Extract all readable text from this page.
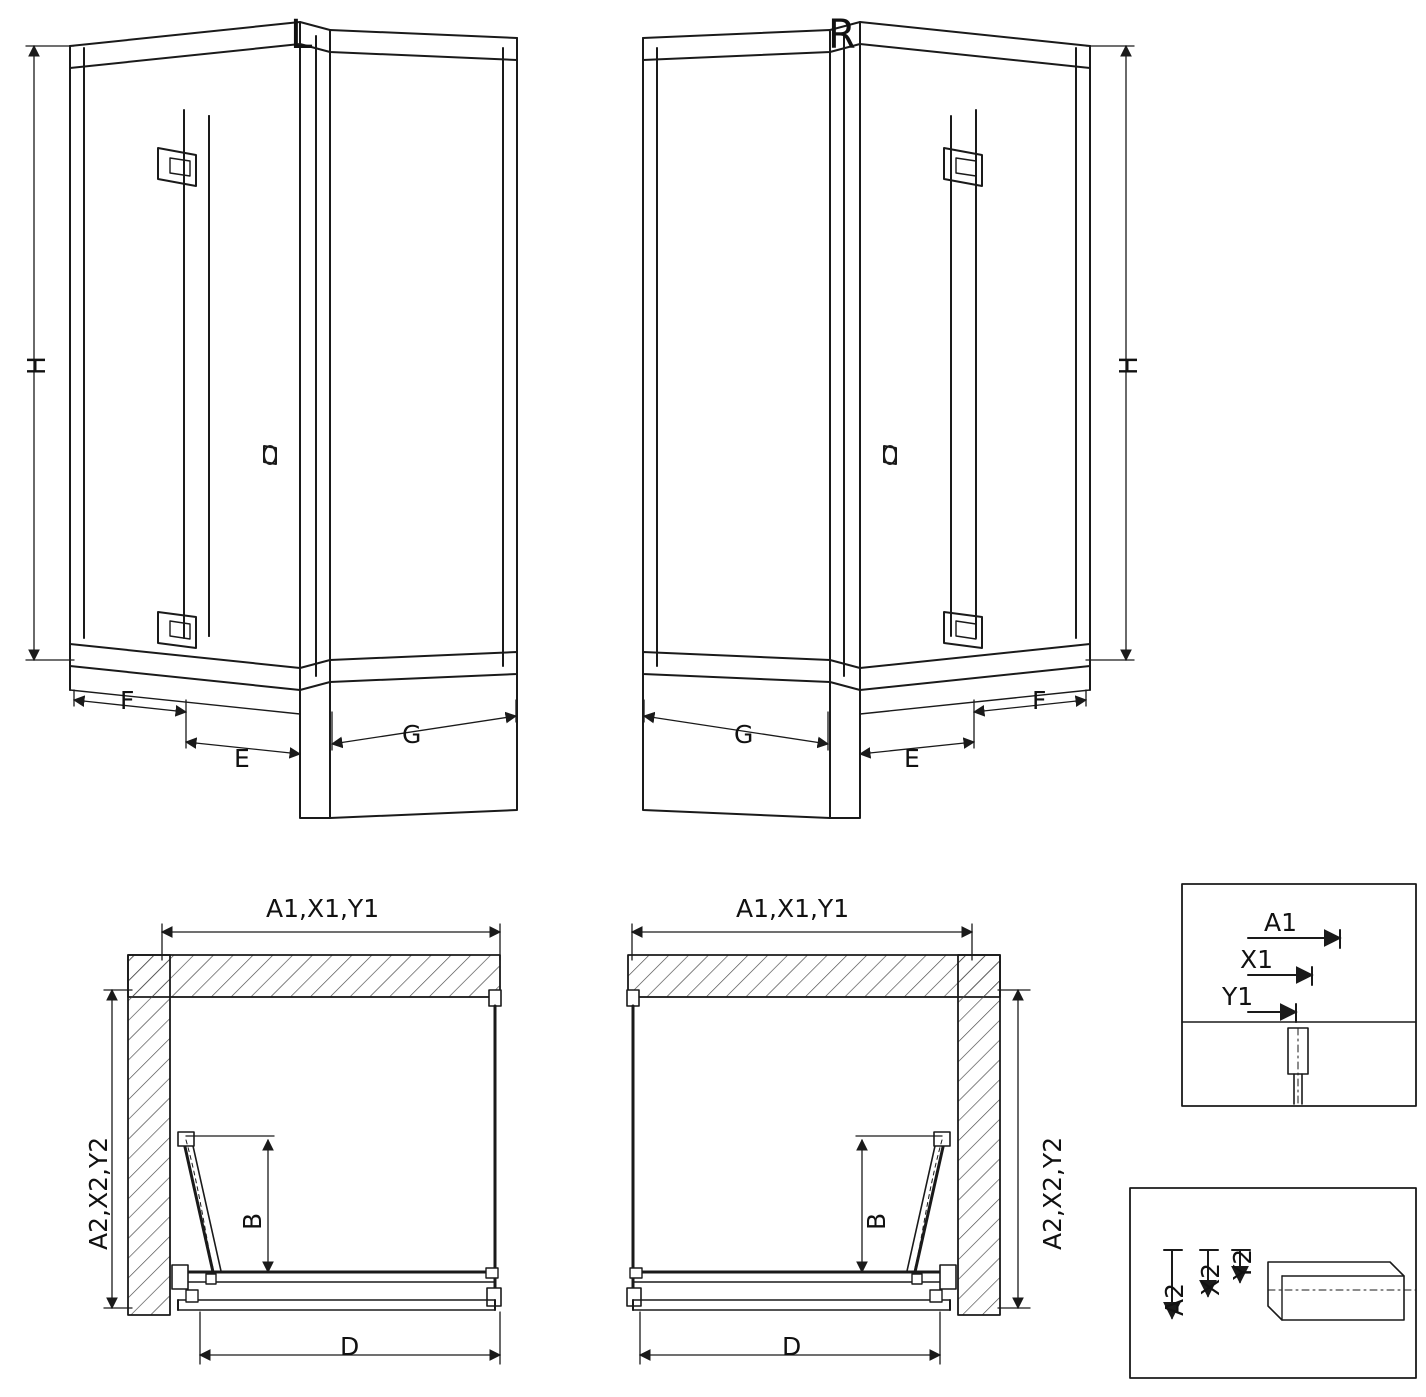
L	R
H	H
F
E
G	G
E
F
A1,X1,Y1
A2,X2,Y2	B
D
A1,X1,Y1
A2,X2,Y2
B
D
A1
X1
Y1
A2
X2 Y2
